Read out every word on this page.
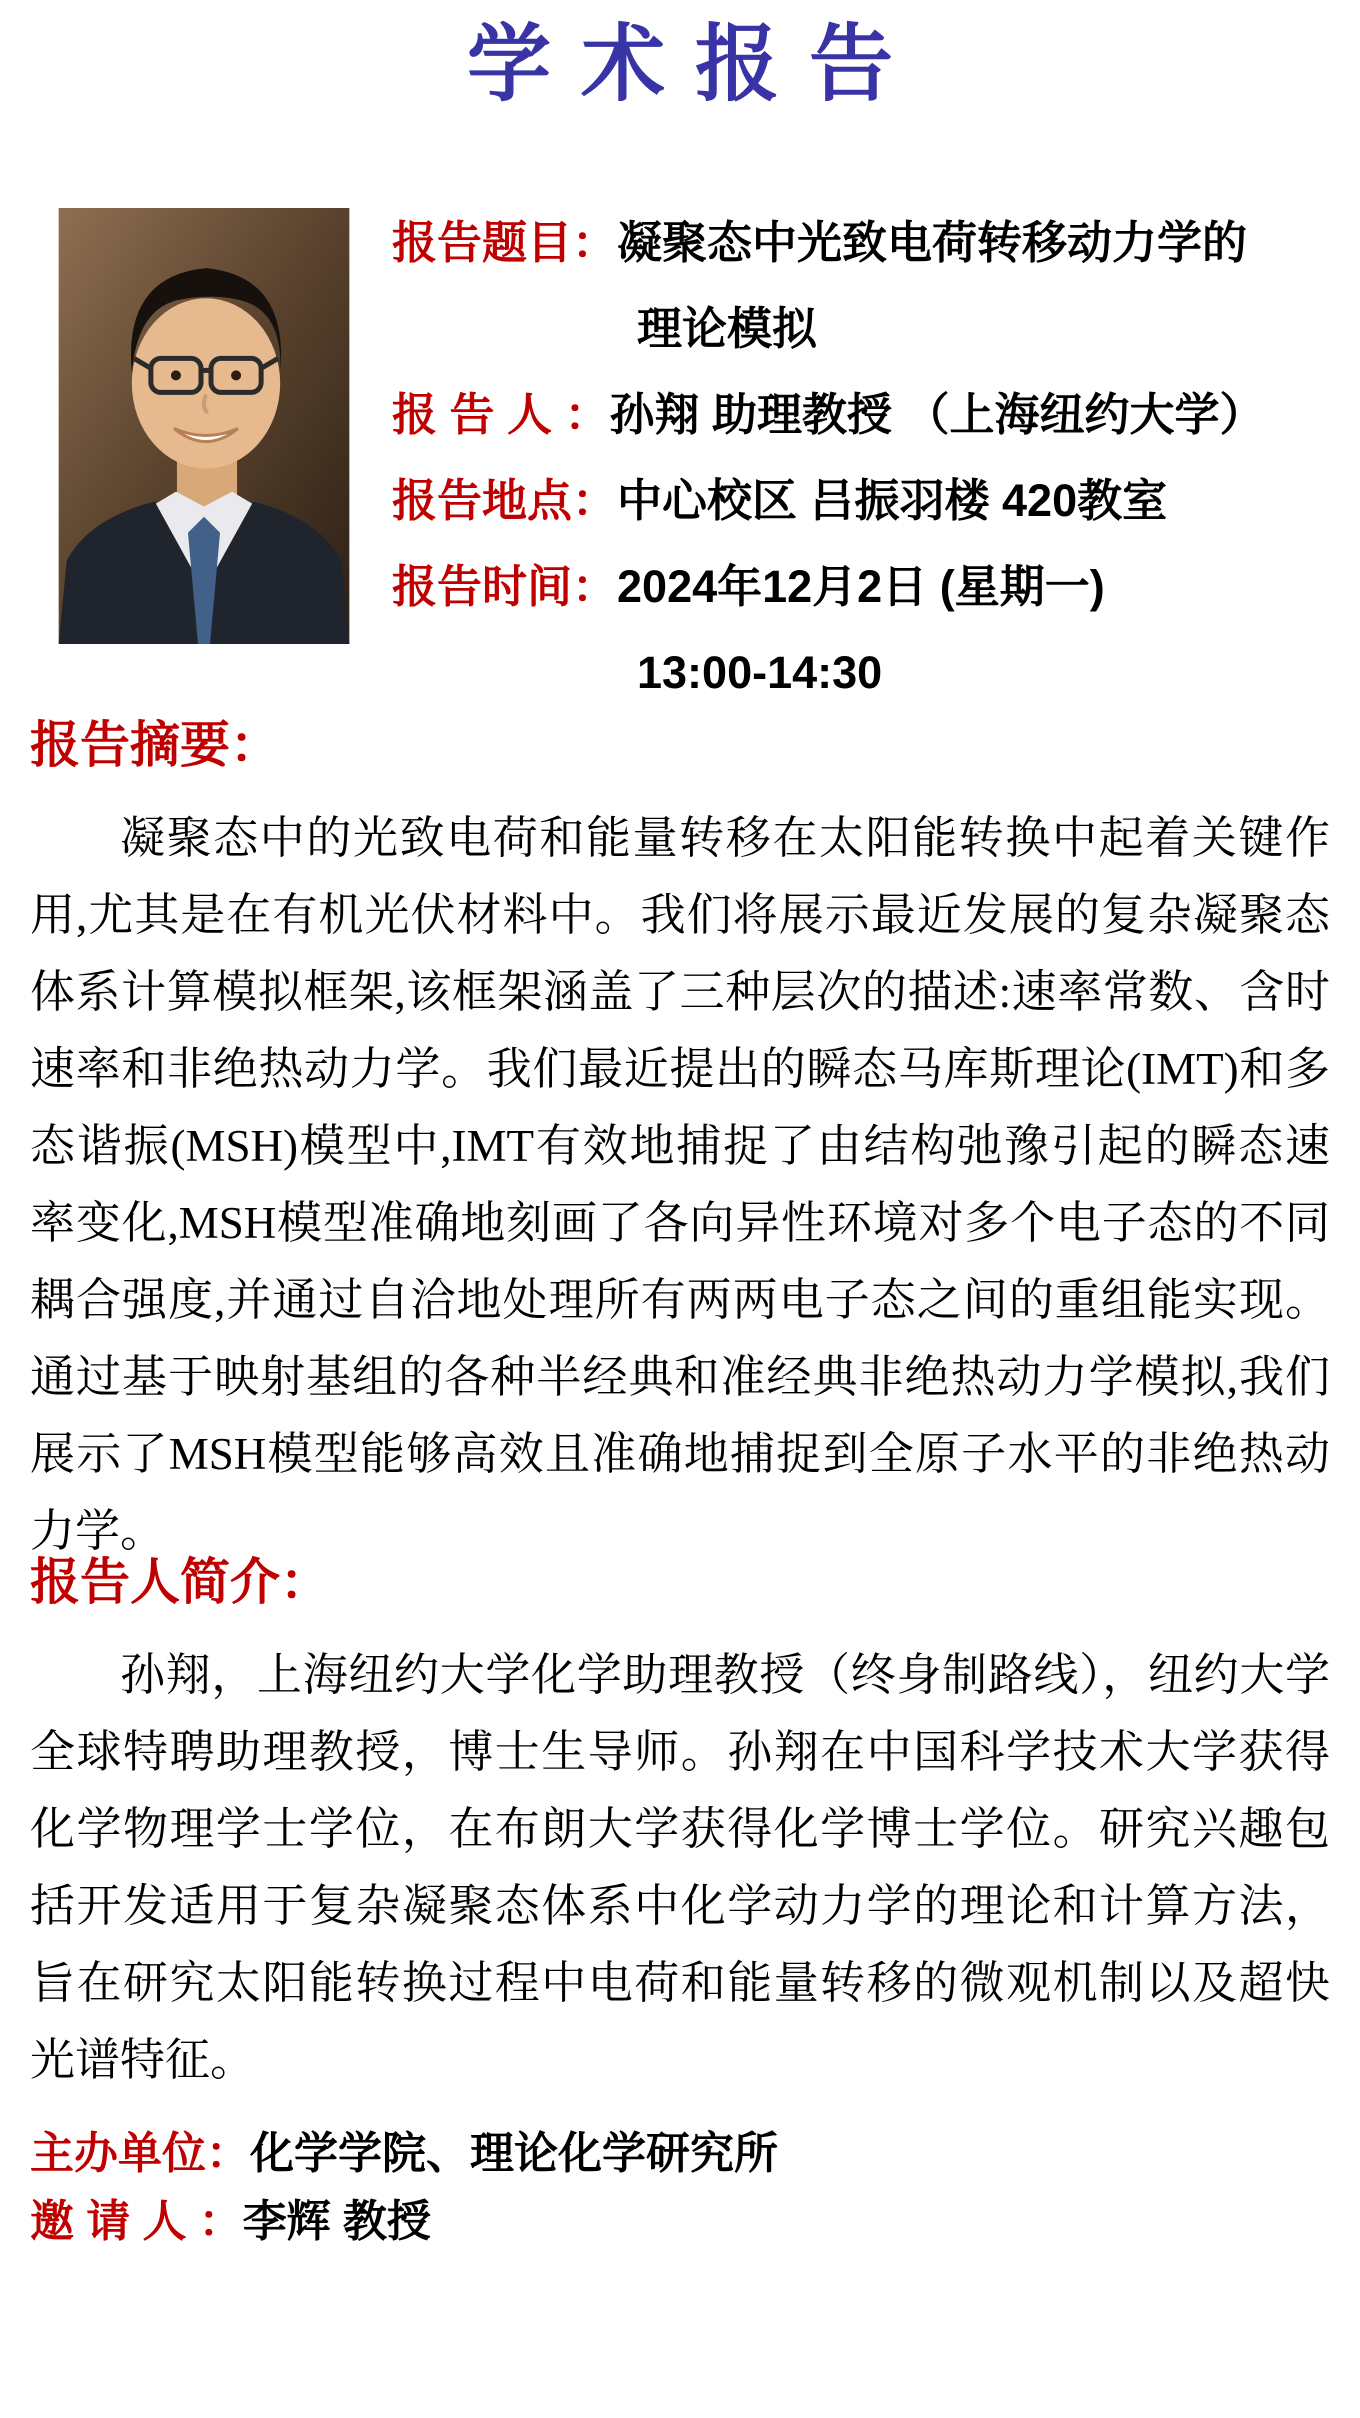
学术报告
报告题目：凝聚态中光致电荷转移动力学的
理论模拟
报 告 人 ：孙翔 助理教授 （上海纽约大学）
报告地点：中心校区 吕振羽楼 420教室
报告时间：2024年12月2日 (星期一)
13:00-14:30
报告摘要：
凝聚态中的光致电荷和能量转移在太阳能转换中起着关键作用,尤其是在有机光伏材料中。我们将展示最近发展的复杂凝聚态体系计算模拟框架,该框架涵盖了三种层次的描述:速率常数、含时速率和非绝热动力学。我们最近提出的瞬态马库斯理论(IMT)和多态谐振(MSH)模型中,IMT有效地捕捉了由结构弛豫引起的瞬态速率变化,MSH模型准确地刻画了各向异性环境对多个电子态的不同耦合强度,并通过自洽地处理所有两两电子态之间的重组能实现。通过基于映射基组的各种半经典和准经典非绝热动力学模拟,我们展示了MSH模型能够高效且准确地捕捉到全原子水平的非绝热动力学。
报告人简介：
孙翔，上海纽约大学化学助理教授（终身制路线），纽约大学全球特聘助理教授，博士生导师。孙翔在中国科学技术大学获得化学物理学士学位，在布朗大学获得化学博士学位。研究兴趣包括开发适用于复杂凝聚态体系中化学动力学的理论和计算方法，旨在研究太阳能转换过程中电荷和能量转移的微观机制以及超快光谱特征。
主办单位：化学学院、理论化学研究所
邀 请 人 ：李辉 教授
